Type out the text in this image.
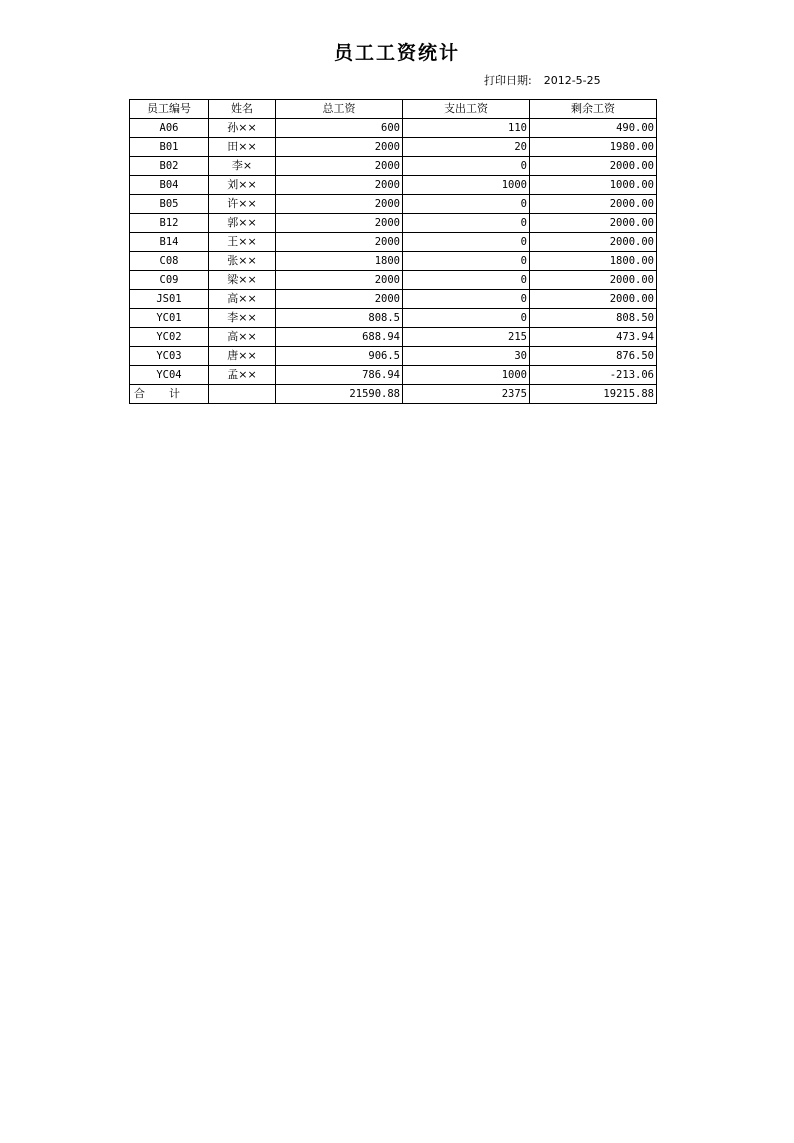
员工工资统计
打印日期: 2012-5-25
员工编号	姓名	总工资	支出工资	剩余工资
A06	孙××	600	110	490.00
B01	田××	2000	20	1980.00
B02	李×	2000	0	2000.00
B04	刘××	2000	1000	1000.00
B05	许××	2000	0	2000.00
B12	郭××	2000	0	2000.00
B14	王××	2000	0	2000.00
C08	张××	1800	0	1800.00
C09	梁××	2000	0	2000.00
JS01	高××	2000	0	2000.00
YC01	李××	808.5	0	808.50
YC02	高××	688.94	215	473.94
YC03	唐××	906.5	30	876.50
YC04	孟××	786.94	1000	-213.06
合计		21590.88	2375	19215.88
